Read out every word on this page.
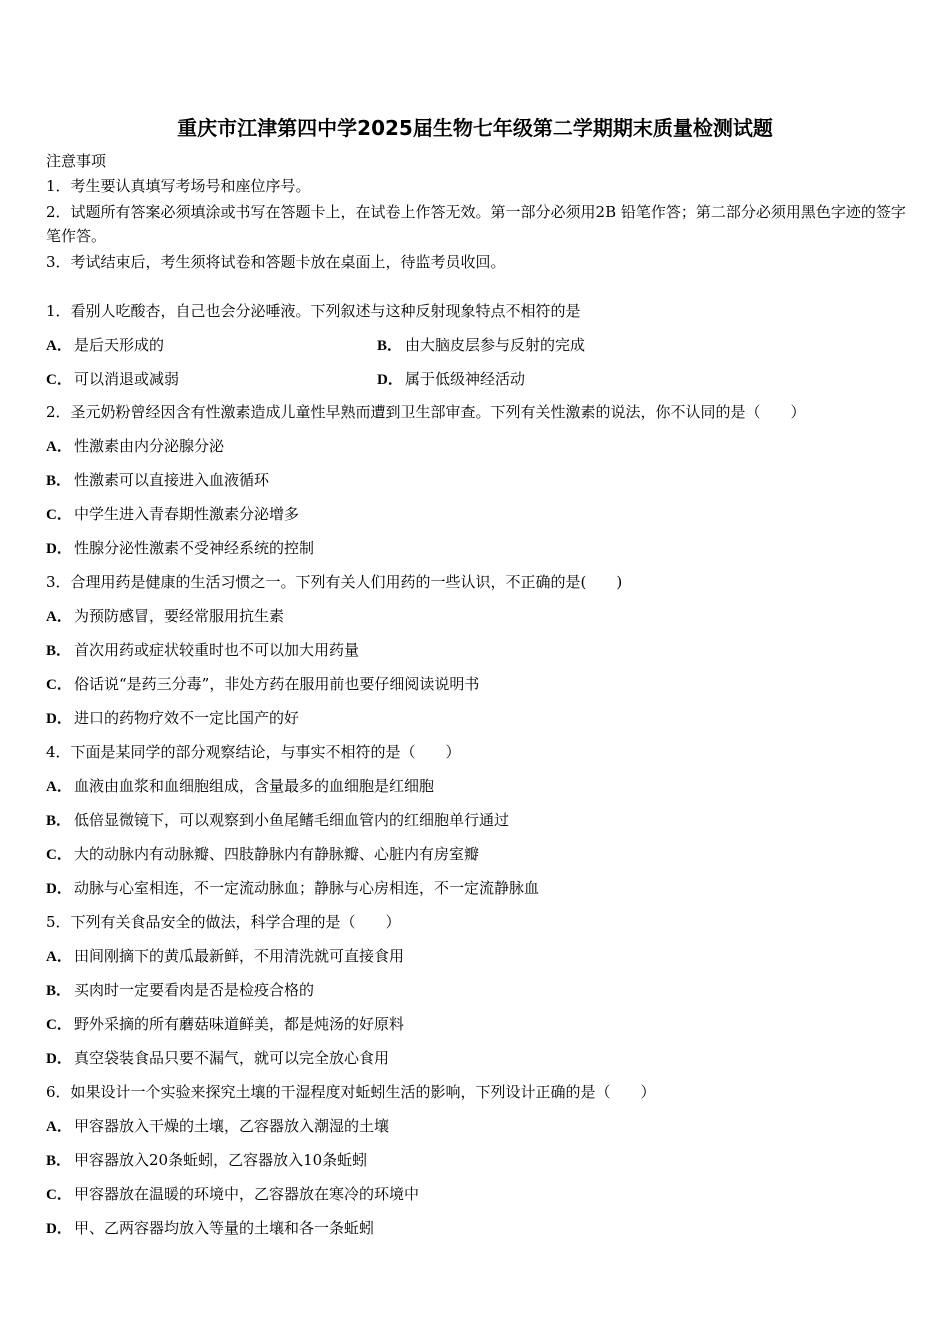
重庆市江津第四中学2025届生物七年级第二学期期末质量检测试题
注意事项
1．考生要认真填写考场号和座位序号。
2．试题所有答案必须填涂或书写在答题卡上，在试卷上作答无效。第一部分必须用2B 铅笔作答；第二部分必须用黑色字迹的签字笔作答。
3．考试结束后，考生须将试卷和答题卡放在桌面上，待监考员收回。
1．看别人吃酸杏，自己也会分泌唾液。下列叙述与这种反射现象特点不相符的是
A． 是后天形成的	B． 由大脑皮层参与反射的完成
C． 可以消退或减弱	D． 属于低级神经活动
2．圣元奶粉曾经因含有性激素造成儿童性早熟而遭到卫生部审查。下列有关性激素的说法，你不认同的是（　　）
A． 性激素由内分泌腺分泌
B． 性激素可以直接进入血液循环
C． 中学生进入青春期性激素分泌增多
D． 性腺分泌性激素不受神经系统的控制
3．合理用药是健康的生活习惯之一。下列有关人们用药的一些认识，不正确的是(　　)
A． 为预防感冒，要经常服用抗生素
B． 首次用药或症状较重时也不可以加大用药量
C． 俗话说“是药三分毒”，非处方药在服用前也要仔细阅读说明书
D． 进口的药物疗效不一定比国产的好
4．下面是某同学的部分观察结论，与事实不相符的是（　　）
A． 血液由血浆和血细胞组成，含量最多的血细胞是红细胞
B． 低倍显微镜下，可以观察到小鱼尾鳍毛细血管内的红细胞单行通过
C． 大的动脉内有动脉瓣、四肢静脉内有静脉瓣、心脏内有房室瓣
D． 动脉与心室相连，不一定流动脉血；静脉与心房相连，不一定流静脉血
5．下列有关食品安全的做法，科学合理的是（　　）
A． 田间刚摘下的黄瓜最新鲜，不用清洗就可直接食用
B． 买肉时一定要看肉是否是检疫合格的
C． 野外采摘的所有蘑菇味道鲜美，都是炖汤的好原料
D． 真空袋装食品只要不漏气，就可以完全放心食用
6．如果设计一个实验来探究土壤的干湿程度对蚯蚓生活的影响，下列设计正确的是（　　）
A． 甲容器放入干燥的土壤，乙容器放入潮湿的土壤
B． 甲容器放入20条蚯蚓，乙容器放入10条蚯蚓
C． 甲容器放在温暖的环境中，乙容器放在寒冷的环境中
D． 甲、乙两容器均放入等量的土壤和各一条蚯蚓
